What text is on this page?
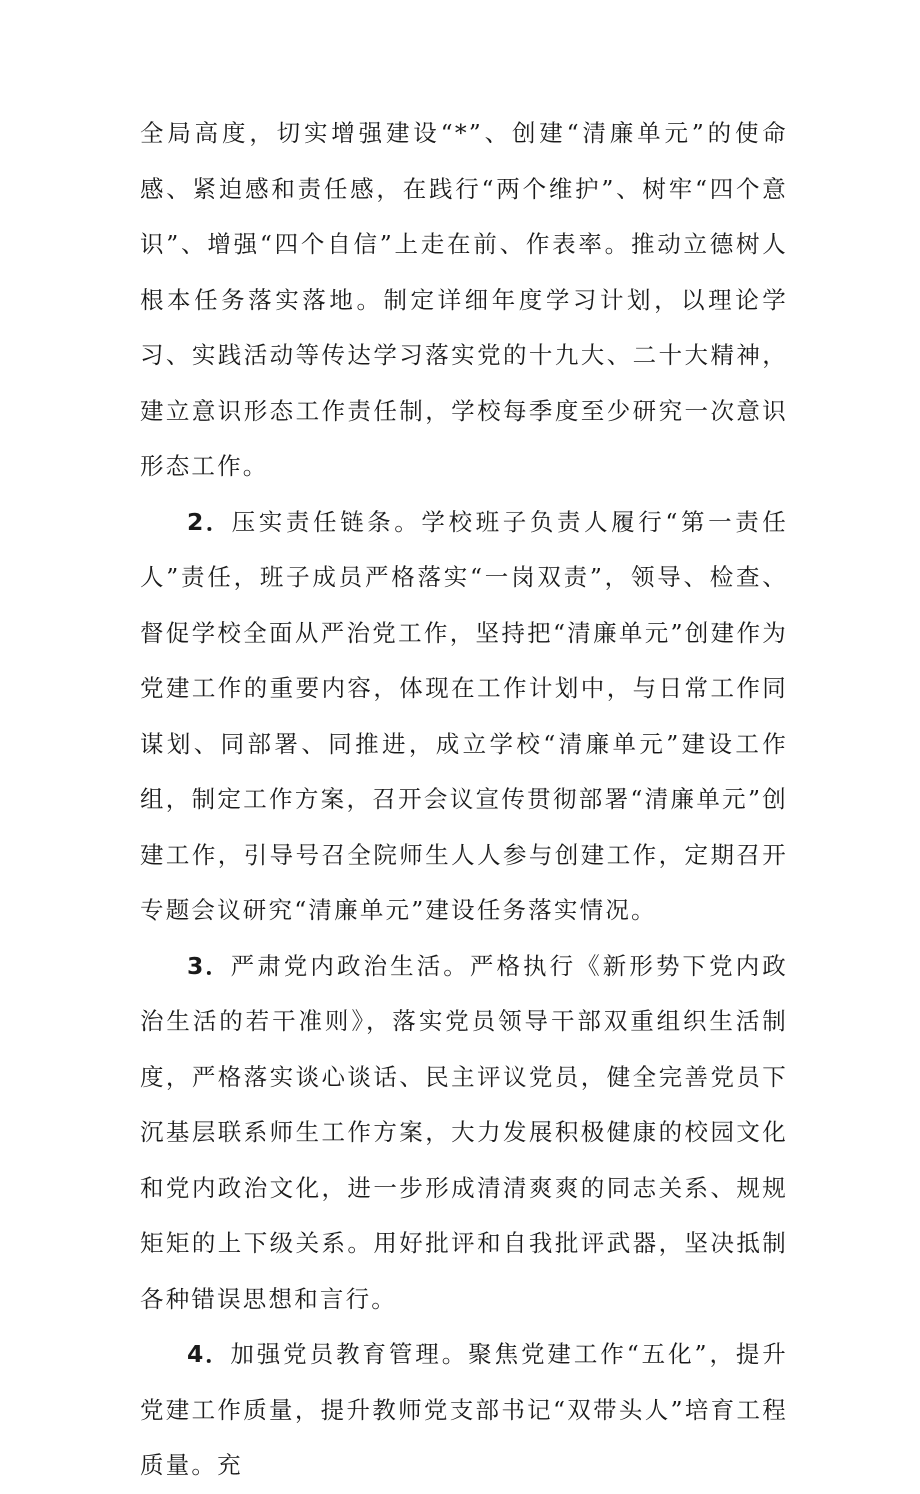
全局高度，切实增强建设“*”、创建“清廉单元”的使命感、紧迫感和责任感，在践行“两个维护”、树牢“四个意识”、增强“四个自信”上走在前、作表率。推动立德树人根本任务落实落地。制定详细年度学习计划，以理论学习、实践活动等传达学习落实党的十九大、二十大精神，建立意识形态工作责任制，学校每季度至少研究一次意识形态工作。

2．压实责任链条。学校班子负责人履行“第一责任人”责任，班子成员严格落实“一岗双责”，领导、检查、督促学校全面从严治党工作，坚持把“清廉单元”创建作为党建工作的重要内容，体现在工作计划中，与日常工作同谋划、同部署、同推进，成立学校“清廉单元”建设工作组，制定工作方案，召开会议宣传贯彻部署“清廉单元”创建工作，引导号召全院师生人人参与创建工作，定期召开专题会议研究“清廉单元”建设任务落实情况。

3．严肃党内政治生活。严格执行《新形势下党内政治生活的若干准则》，落实党员领导干部双重组织生活制度，严格落实谈心谈话、民主评议党员，健全完善党员下沉基层联系师生工作方案，大力发展积极健康的校园文化和党内政治文化，进一步形成清清爽爽的同志关系、规规矩矩的上下级关系。用好批评和自我批评武器，坚决抵制各种错误思想和言行。

4．加强党员教育管理。聚焦党建工作“五化”，提升党建工作质量，提升教师党支部书记“双带头人”培育工程质量。充
